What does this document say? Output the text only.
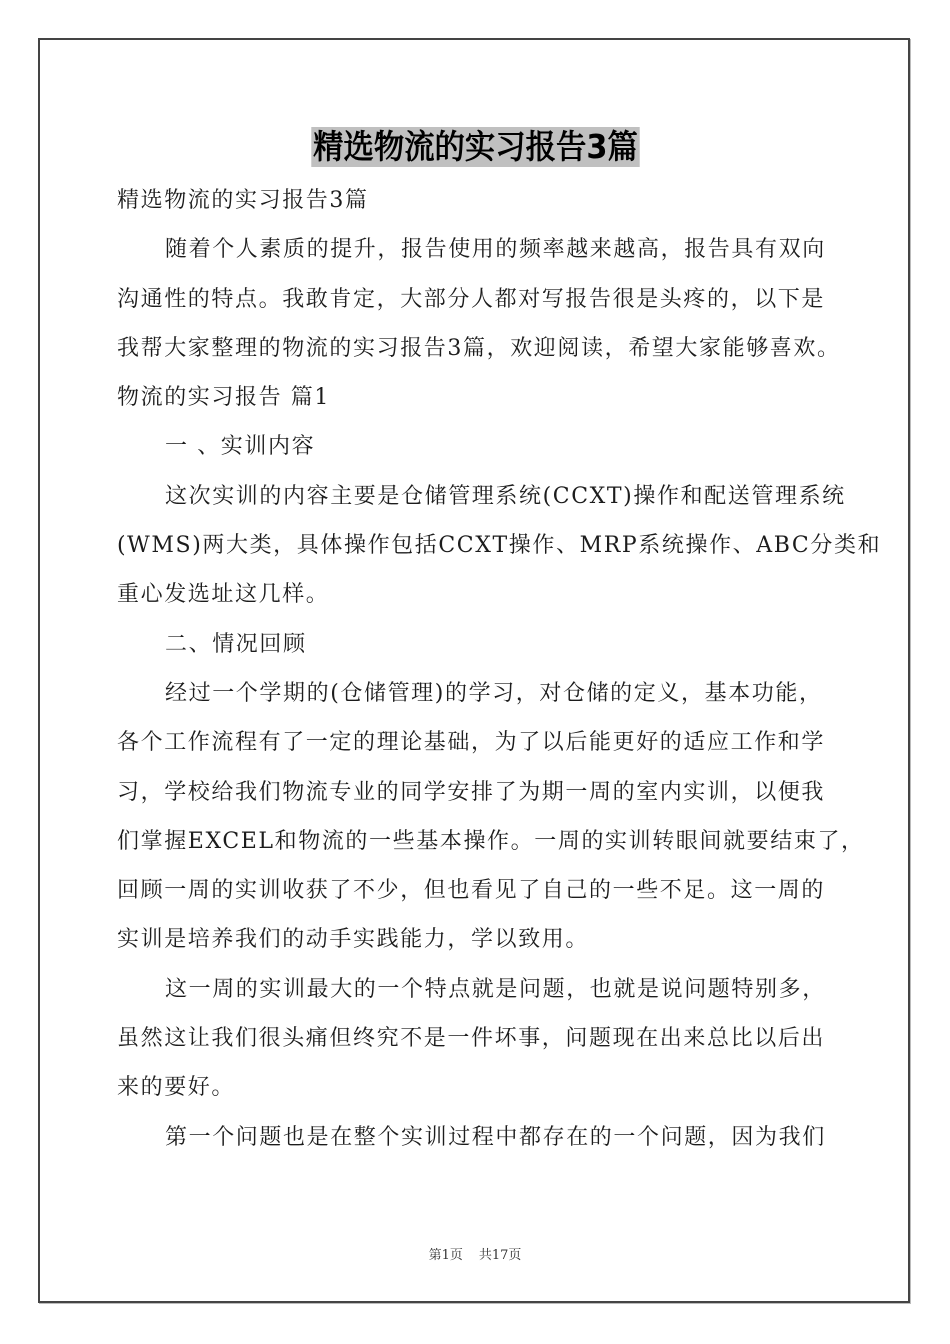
精选物流的实习报告3篇
精选物流的实习报告3篇
随着个人素质的提升，报告使用的频率越来越高，报告具有双向
沟通性的特点。我敢肯定，大部分人都对写报告很是头疼的，以下是
我帮大家整理的物流的实习报告3篇，欢迎阅读，希望大家能够喜欢。
物流的实习报告 篇1
一 、实训内容
这次实训的内容主要是仓储管理系统(CCXT)操作和配送管理系统
(WMS)两大类，具体操作包括CCXT操作、MRP系统操作、ABC分类和
重心发选址这几样。
二、情况回顾
经过一个学期的(仓储管理)的学习，对仓储的定义，基本功能，
各个工作流程有了一定的理论基础，为了以后能更好的适应工作和学
习，学校给我们物流专业的同学安排了为期一周的室内实训，以便我
们掌握EXCEL和物流的一些基本操作。一周的实训转眼间就要结束了，
回顾一周的实训收获了不少，但也看见了自己的一些不足。这一周的
实训是培养我们的动手实践能力，学以致用。
这一周的实训最大的一个特点就是问题，也就是说问题特别多，
虽然这让我们很头痛但终究不是一件坏事，问题现在出来总比以后出
来的要好。
第一个问题也是在整个实训过程中都存在的一个问题，因为我们
第1页 共17页
